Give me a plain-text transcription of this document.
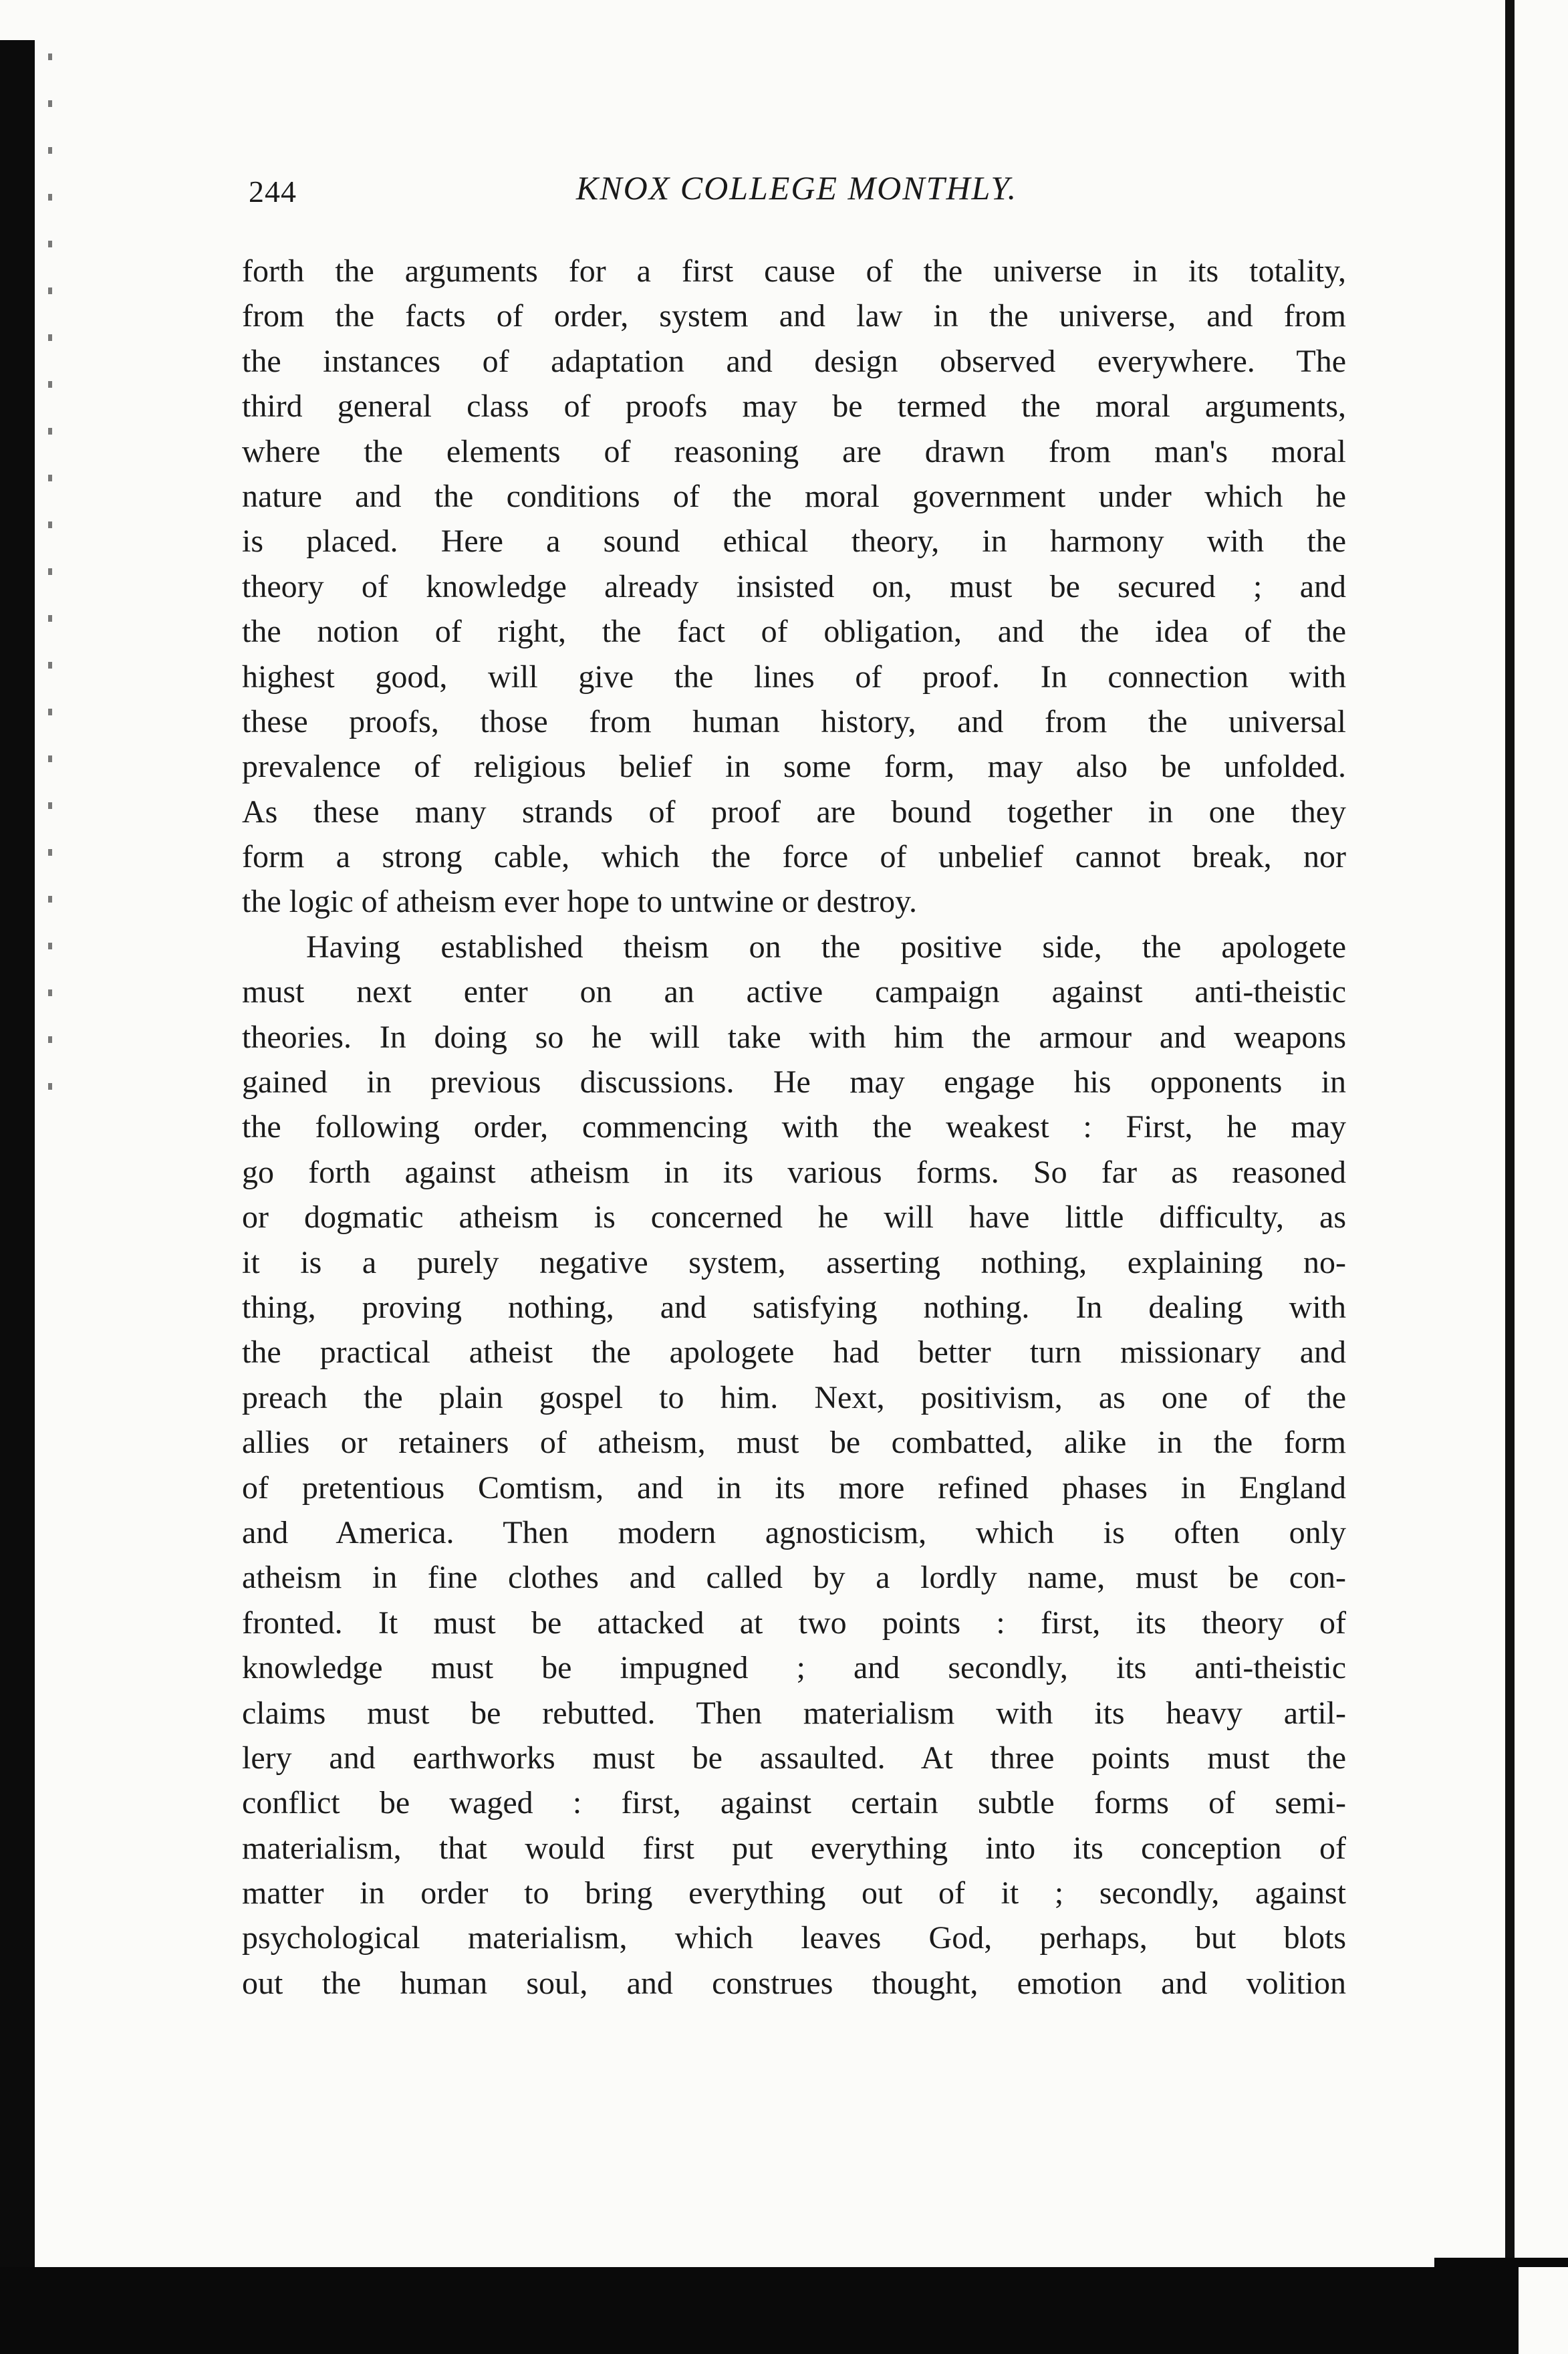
244	KNOX COLLEGE MONTHLY.
forth the arguments for a first cause of the universe in its totality,
from the facts of order, system and law in the universe, and from
the instances of adaptation and design observed everywhere. The
third general class of proofs may be termed the moral arguments,
where the elements of reasoning are drawn from man's moral
nature and the conditions of the moral government under which he
is placed. Here a sound ethical theory, in harmony with the
theory of knowledge already insisted on, must be secured ; and
the notion of right, the fact of obligation, and the idea of the
highest good, will give the lines of proof. In connection with
these proofs, those from human history, and from the universal
prevalence of religious belief in some form, may also be unfolded.
As these many strands of proof are bound together in one they
form a strong cable, which the force of unbelief cannot break, nor
the logic of atheism ever hope to untwine or destroy.
Having established theism on the positive side, the apologete
must next enter on an active campaign against anti-theistic
theories. In doing so he will take with him the armour and weapons
gained in previous discussions. He may engage his opponents in
the following order, commencing with the weakest : First, he may
go forth against atheism in its various forms. So far as reasoned
or dogmatic atheism is concerned he will have little difficulty, as
it is a purely negative system, asserting nothing, explaining no-
thing, proving nothing, and satisfying nothing. In dealing with
the practical atheist the apologete had better turn missionary and
preach the plain gospel to him. Next, positivism, as one of the
allies or retainers of atheism, must be combatted, alike in the form
of pretentious Comtism, and in its more refined phases in England
and America. Then modern agnosticism, which is often only
atheism in fine clothes and called by a lordly name, must be con-
fronted. It must be attacked at two points : first, its theory of
knowledge must be impugned ; and secondly, its anti-theistic
claims must be rebutted. Then materialism with its heavy artil-
lery and earthworks must be assaulted. At three points must the
conflict be waged : first, against certain subtle forms of semi-
materialism, that would first put everything into its conception of
matter in order to bring everything out of it ; secondly, against
psychological materialism, which leaves God, perhaps, but blots
out the human soul, and construes thought, emotion and volition
